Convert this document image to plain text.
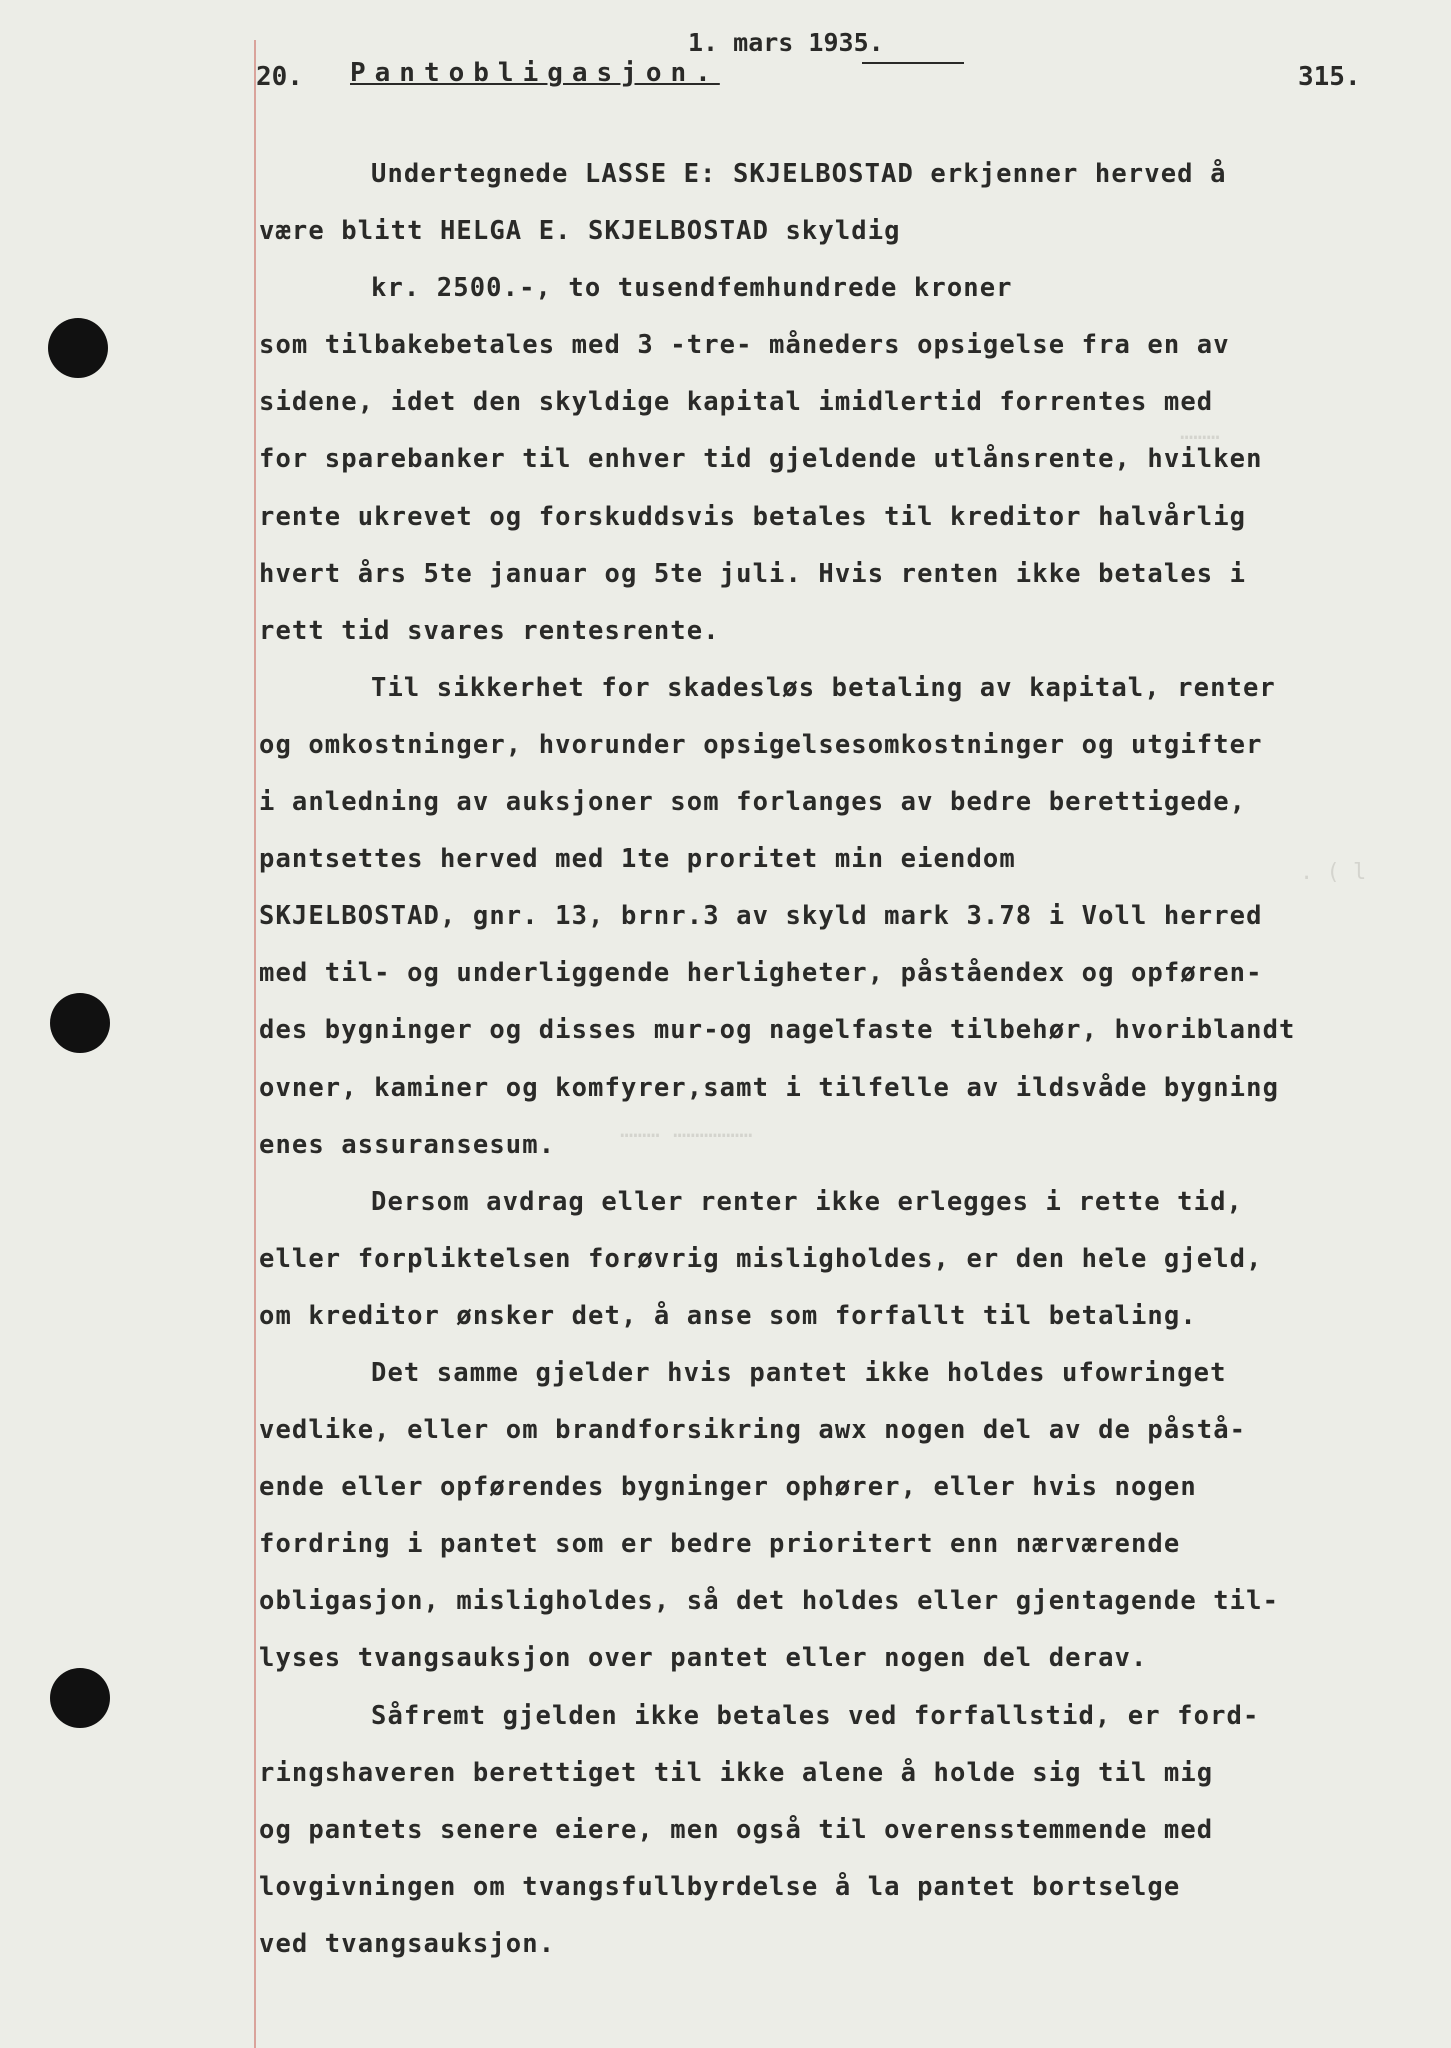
………
. ( l
……… ………………
20.
1. mars 1935.
Pantobligasjon.	315.
Undertegnede LASSE E: SKJELBOSTAD erkjenner herved å
være blitt HELGA E. SKJELBOSTAD skyldig
kr. 2500.-, to tusendfemhundrede kroner
som tilbakebetales med 3 -tre- måneders opsigelse fra en av
sidene, idet den skyldige kapital imidlertid forrentes med
for sparebanker til enhver tid gjeldende utlånsrente, hvilken
rente ukrevet og forskuddsvis betales til kreditor halvårlig
hvert års 5te januar og 5te juli. Hvis renten ikke betales i
rett tid svares rentesrente.
Til sikkerhet for skadesløs betaling av kapital, renter
og omkostninger, hvorunder opsigelsesomkostninger og utgifter
i anledning av auksjoner som forlanges av bedre berettigede,
pantsettes herved med 1te proritet min eiendom
SKJELBOSTAD, gnr. 13, brnr.3 av skyld mark 3.78 i Voll herred
med til- og underliggende herligheter, påståendex og opføren-
des bygninger og disses mur-og nagelfaste tilbehør, hvoriblandt
ovner, kaminer og komfyrer,samt i tilfelle av ildsvåde bygning
enes assuransesum.
Dersom avdrag eller renter ikke erlegges i rette tid,
eller forpliktelsen forøvrig misligholdes, er den hele gjeld,
om kreditor ønsker det, å anse som forfallt til betaling.
Det samme gjelder hvis pantet ikke holdes ufowringet
vedlike, eller om brandforsikring awx nogen del av de påstå-
ende eller opførendes bygninger ophører, eller hvis nogen
fordring i pantet som er bedre prioritert enn nærværende
obligasjon, misligholdes, så det holdes eller gjentagende til-
lyses tvangsauksjon over pantet eller nogen del derav.
Såfremt gjelden ikke betales ved forfallstid, er ford-
ringshaveren berettiget til ikke alene å holde sig til mig
og pantets senere eiere, men også til overensstemmende med
lovgivningen om tvangsfullbyrdelse å la pantet bortselge
ved tvangsauksjon.
